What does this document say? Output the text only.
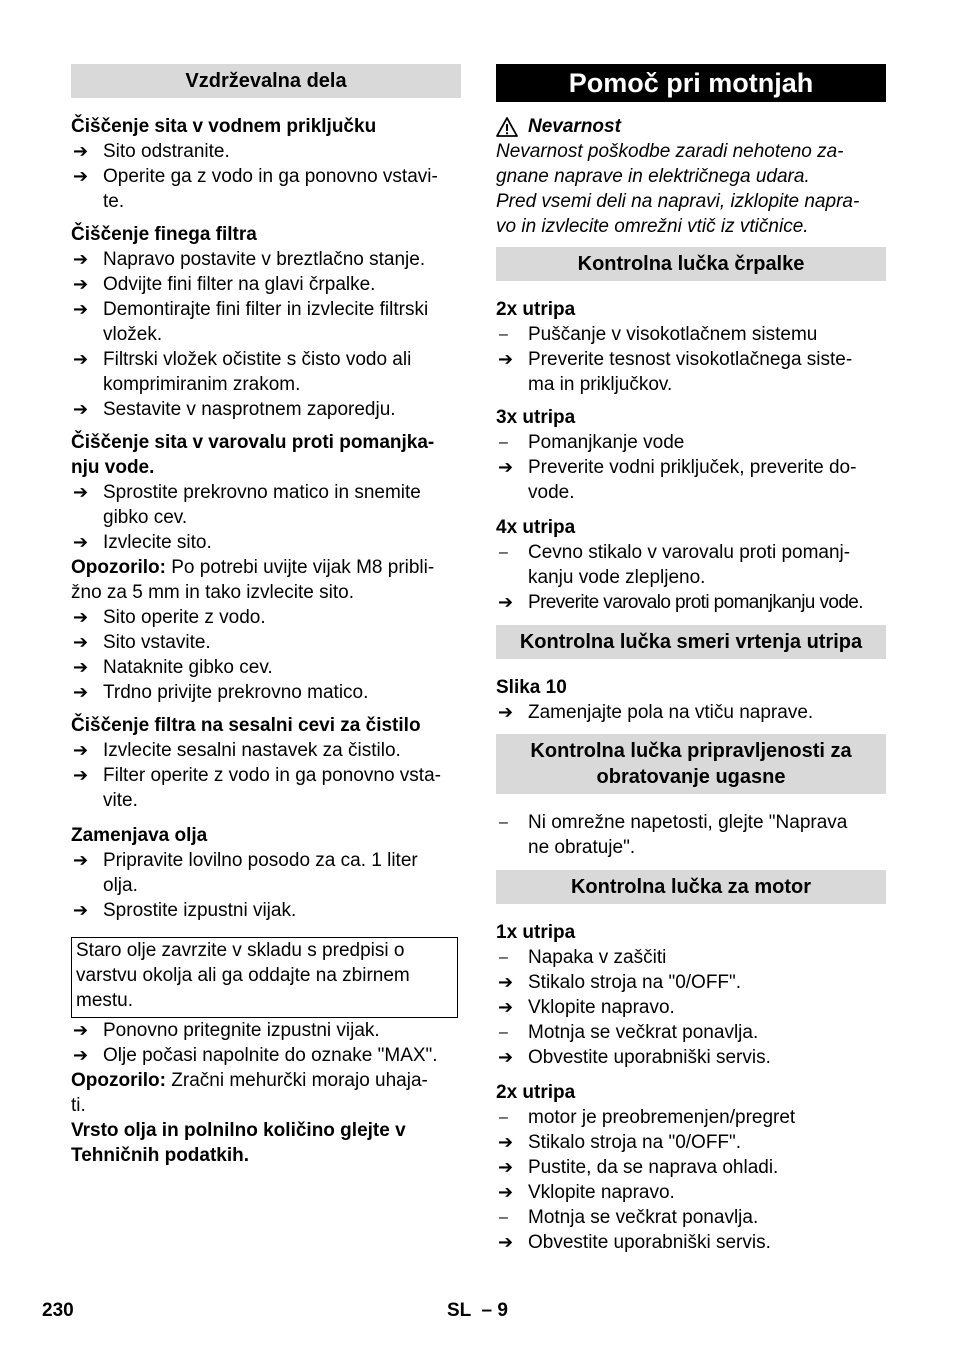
Vzdrževalna dela
Čiščenje sita v vodnem priključku
➔ Sito odstranite.
➔ Operite ga z vodo in ga ponovno vstavi-
te.
Čiščenje finega filtra
➔ Napravo postavite v breztlačno stanje.
➔ Odvijte fini filter na glavi črpalke.
➔ Demontirajte fini filter in izvlecite filtrski
vložek.
➔ Filtrski vložek očistite s čisto vodo ali
komprimiranim zrakom.
➔ Sestavite v nasprotnem zaporedju.
Čiščenje sita v varovalu proti pomanjka-
nju vode.
➔ Sprostite prekrovno matico in snemite
gibko cev.
➔ Izvlecite sito.
Opozorilo: Po potrebi uvijte vijak M8 pribli-
žno za 5 mm in tako izvlecite sito.
➔ Sito operite z vodo.
➔ Sito vstavite.
➔ Nataknite gibko cev.
➔ Trdno privijte prekrovno matico.
Čiščenje filtra na sesalni cevi za čistilo
➔ Izvlecite sesalni nastavek za čistilo.
➔ Filter operite z vodo in ga ponovno vsta-
vite.
Zamenjava olja
➔ Pripravite lovilno posodo za ca. 1 liter
olja.
➔ Sprostite izpustni vijak.
Staro olje zavrzite v skladu s predpisi o
varstvu okolja ali ga oddajte na zbirnem
mestu.
➔ Ponovno pritegnite izpustni vijak.
➔ Olje počasi napolnite do oznake "MAX".
Opozorilo: Zračni mehurčki morajo uhaja-
ti.
Vrsto olja in polnilno količino glejte v
Tehničnih podatkih.
Pomoč pri motnjah
Nevarnost
Nevarnost poškodbe zaradi nehoteno za-
gnane naprave in električnega udara.
Pred vsemi deli na napravi, izklopite napra-
vo in izvlecite omrežni vtič iz vtičnice.
Kontrolna lučka črpalke
2x utripa
– Puščanje v visokotlačnem sistemu
➔ Preverite tesnost visokotlačnega siste-
ma in priključkov.
3x utripa
– Pomanjkanje vode
➔ Preverite vodni priključek, preverite do-
vode.
4x utripa
– Cevno stikalo v varovalu proti pomanj-
kanju vode zlepljeno.
➔ Preverite varovalo proti pomanjkanju vode.
Kontrolna lučka smeri vrtenja utripa
Slika 10
➔ Zamenjajte pola na vtiču naprave.
Kontrolna lučka pripravljenosti za
obratovanje ugasne
– Ni omrežne napetosti, glejte "Naprava
ne obratuje".
Kontrolna lučka za motor
1x utripa
– Napaka v zaščiti
➔ Stikalo stroja na "0/OFF".
➔ Vklopite napravo.
– Motnja se večkrat ponavlja.
➔ Obvestite uporabniški servis.
2x utripa
– motor je preobremenjen/pregret
➔ Stikalo stroja na "0/OFF".
➔ Pustite, da se naprava ohladi.
➔ Vklopite napravo.
– Motnja se večkrat ponavlja.
➔ Obvestite uporabniški servis.
230	SL  – 9
